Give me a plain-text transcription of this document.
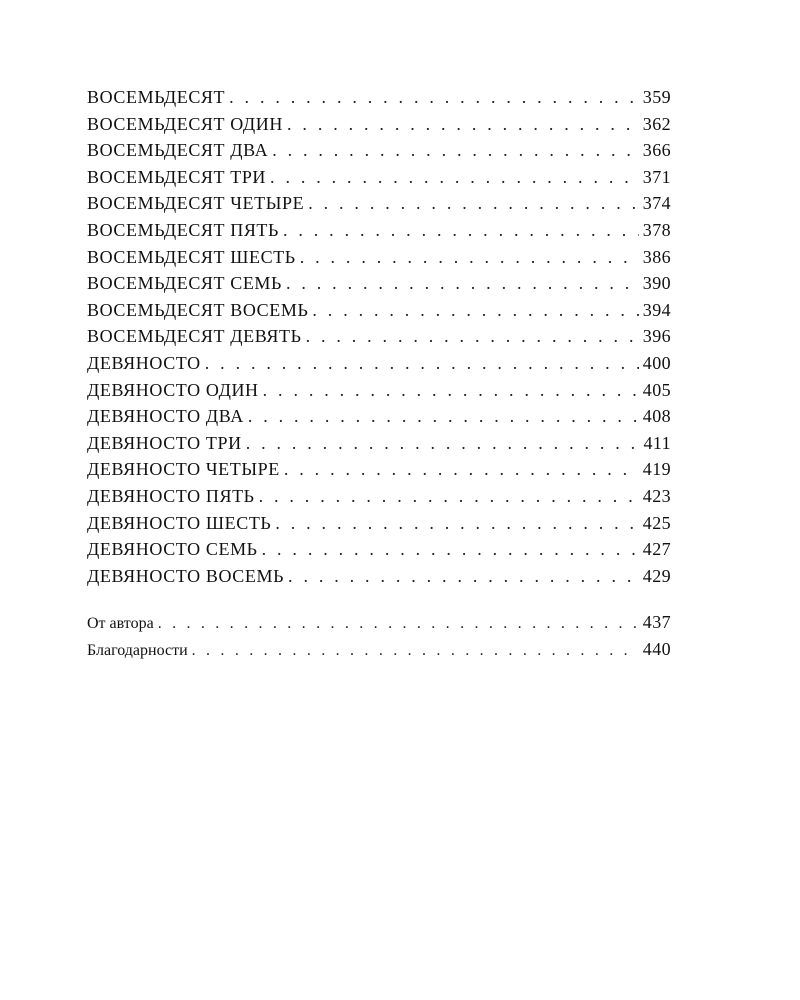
ВОСЕМЬДЕСЯТ . . .	359
ВОСЕМЬДЕСЯТ ОДИН . . .	362
ВОСЕМЬДЕСЯТ ДВА . . .	366
ВОСЕМЬДЕСЯТ ТРИ . . .	371
ВОСЕМЬДЕСЯТ ЧЕТЫРЕ . . .	374
ВОСЕМЬДЕСЯТ ПЯТЬ . . .	378
ВОСЕМЬДЕСЯТ ШЕСТЬ . . .	386
ВОСЕМЬДЕСЯТ СЕМЬ . . .	390
ВОСЕМЬДЕСЯТ ВОСЕМЬ . . .	394
ВОСЕМЬДЕСЯТ ДЕВЯТЬ . . .	396
ДЕВЯНОСТО . . .	400
ДЕВЯНОСТО ОДИН . . .	405
ДЕВЯНОСТО ДВА . . .	408
ДЕВЯНОСТО ТРИ . . .	411
ДЕВЯНОСТО ЧЕТЫРЕ . . .	419
ДЕВЯНОСТО ПЯТЬ . . .	423
ДЕВЯНОСТО ШЕСТЬ . . .	425
ДЕВЯНОСТО СЕМЬ . . .	427
ДЕВЯНОСТО ВОСЕМЬ . . .	429
От автора . . .	437
Благодарности . . .	440
